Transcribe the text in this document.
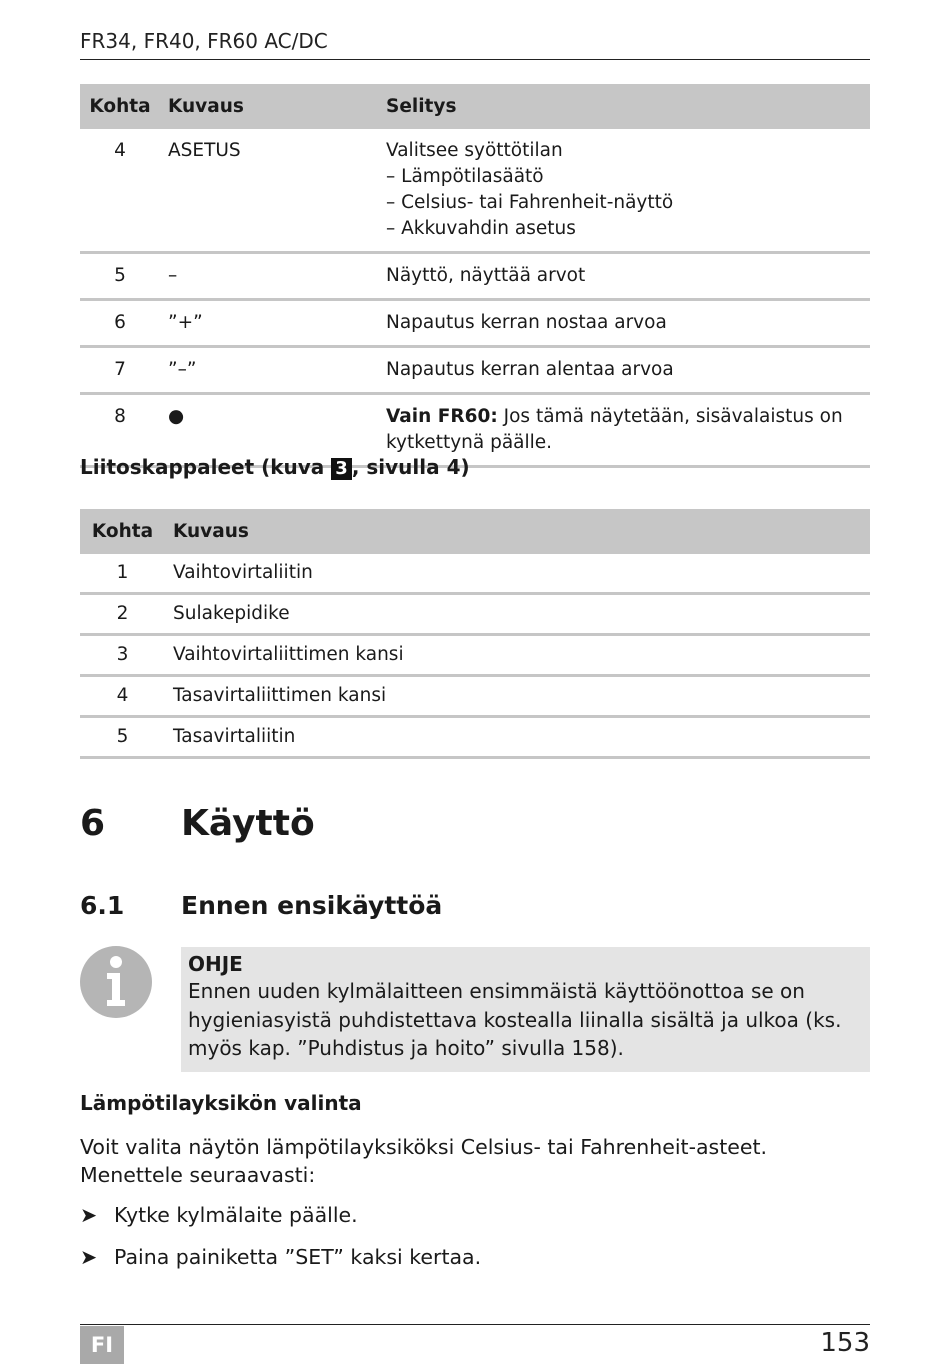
FR34, FR40, FR60 AC/DC
Kohta	Kuvaus	Selitys
4	ASETUS	Valitsee syöttötilan
– Lämpötilasäätö
– Celsius- tai Fahrenheit-näyttö
– Akkuvahdin asetus

5	–	Näyttö, näyttää arvot
6	”+”	Napautus kerran nostaa arvoa
7	”–”	Napautus kerran alentaa arvoa
8	●	Vain FR60: Jos tämä näytetään, sisävalaistus on kytkettynä päälle.
Liitoskappaleet (kuva 3 , sivulla 4)
Kohta	Kuvaus
1	Vaihtovirtaliitin
2	Sulakepidike
3	Vaihtovirtaliittimen kansi
4	Tasavirtaliittimen kansi
5	Tasavirtaliitin
6 Käyttö
6.1 Ennen ensikäyttöä
OHJE
Ennen uuden kylmälaitteen ensimmäistä käyttöönottoa se on hygieniasyistä puhdistettava kostealla liinalla sisältä ja ulkoa (ks. myös kap. ”Puhdistus ja hoito” sivulla 158).
Lämpötilayksikön valinta
Voit valita näytön lämpötilayksiköksi Celsius- tai Fahrenheit-asteet. Menettele seuraavasti:
➤ Kytke kylmälaite päälle.
➤ Paina painiketta ”SET” kaksi kertaa.
FI	153
